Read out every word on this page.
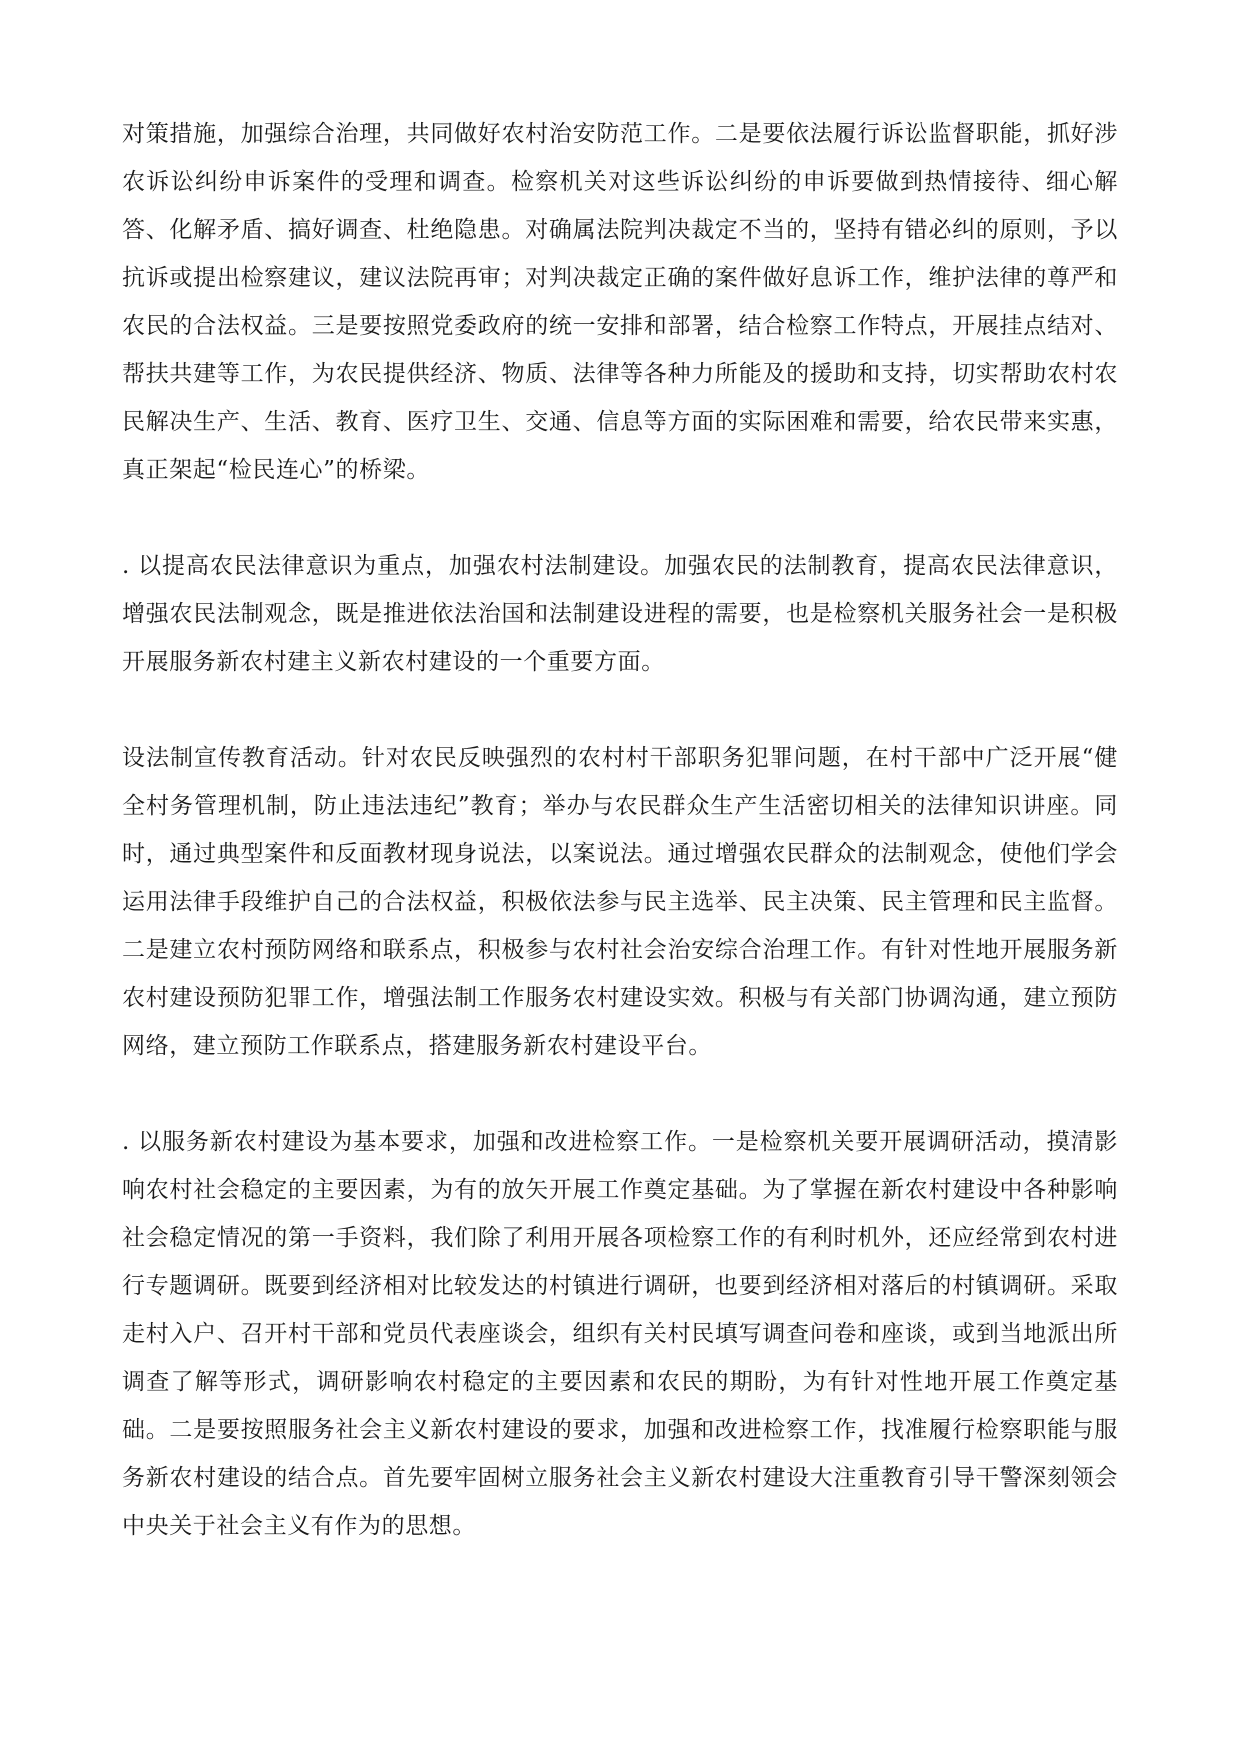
对策措施，加强综合治理，共同做好农村治安防范工作。二是要依法履行诉讼监督职能，抓好涉农诉讼纠纷申诉案件的受理和调查。检察机关对这些诉讼纠纷的申诉要做到热情接待、细心解答、化解矛盾、搞好调查、杜绝隐患。对确属法院判决裁定不当的，坚持有错必纠的原则，予以抗诉或提出检察建议，建议法院再审；对判决裁定正确的案件做好息诉工作，维护法律的尊严和农民的合法权益。三是要按照党委政府的统一安排和部署，结合检察工作特点，开展挂点结对、帮扶共建等工作，为农民提供经济、物质、法律等各种力所能及的援助和支持，切实帮助农村农民解决生产、生活、教育、医疗卫生、交通、信息等方面的实际困难和需要，给农民带来实惠，真正架起“检民连心”的桥梁。

. 以提高农民法律意识为重点，加强农村法制建设。加强农民的法制教育，提高农民法律意识，增强农民法制观念，既是推进依法治国和法制建设进程的需要，也是检察机关服务社会一是积极开展服务新农村建主义新农村建设的一个重要方面。

设法制宣传教育活动。针对农民反映强烈的农村村干部职务犯罪问题，在村干部中广泛开展“健全村务管理机制，防止违法违纪”教育；举办与农民群众生产生活密切相关的法律知识讲座。同时，通过典型案件和反面教材现身说法，以案说法。通过增强农民群众的法制观念，使他们学会运用法律手段维护自己的合法权益，积极依法参与民主选举、民主决策、民主管理和民主监督。二是建立农村预防网络和联系点，积极参与农村社会治安综合治理工作。有针对性地开展服务新农村建设预防犯罪工作，增强法制工作服务农村建设实效。积极与有关部门协调沟通，建立预防网络，建立预防工作联系点，搭建服务新农村建设平台。

. 以服务新农村建设为基本要求，加强和改进检察工作。一是检察机关要开展调研活动，摸清影响农村社会稳定的主要因素，为有的放矢开展工作奠定基础。为了掌握在新农村建设中各种影响社会稳定情况的第一手资料，我们除了利用开展各项检察工作的有利时机外，还应经常到农村进行专题调研。既要到经济相对比较发达的村镇进行调研，也要到经济相对落后的村镇调研。采取走村入户、召开村干部和党员代表座谈会，组织有关村民填写调查问卷和座谈，或到当地派出所调查了解等形式，调研影响农村稳定的主要因素和农民的期盼，为有针对性地开展工作奠定基础。二是要按照服务社会主义新农村建设的要求，加强和改进检察工作，找准履行检察职能与服务新农村建设的结合点。首先要牢固树立服务社会主义新农村建设大注重教育引导干警深刻领会中央关于社会主义有作为的思想。
